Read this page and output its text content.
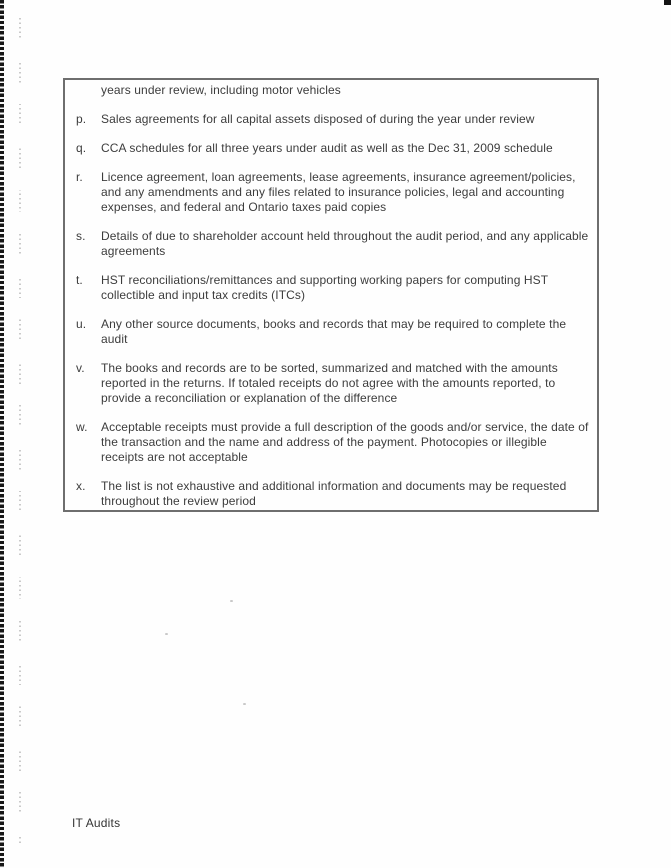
years under review, including motor vehicles
p.	Sales agreements for all capital assets disposed of during the year under review
q.	CCA schedules for all three years under audit as well as the Dec 31, 2009 schedule
r.	Licence agreement, loan agreements, lease agreements, insurance agreement/policies, and any amendments and any files related to insurance policies, legal and accounting expenses, and federal and Ontario taxes paid copies
s.	Details of due to shareholder account held throughout the audit period, and any applicable agreements
t.	HST reconciliations/remittances and supporting working papers for computing HST collectible and input tax credits (ITCs)
u.	Any other source documents, books and records that may be required to complete the audit
v.	The books and records are to be sorted, summarized and matched with the amounts reported in the returns. If totaled receipts do not agree with the amounts reported, to provide a reconciliation or explanation of the difference
w.	Acceptable receipts must provide a full description of the goods and/or service, the date of the transaction and the name and address of the payment. Photocopies or illegible receipts are not acceptable
x.	The list is not exhaustive and additional information and documents may be requested throughout the review period
IT Audits
